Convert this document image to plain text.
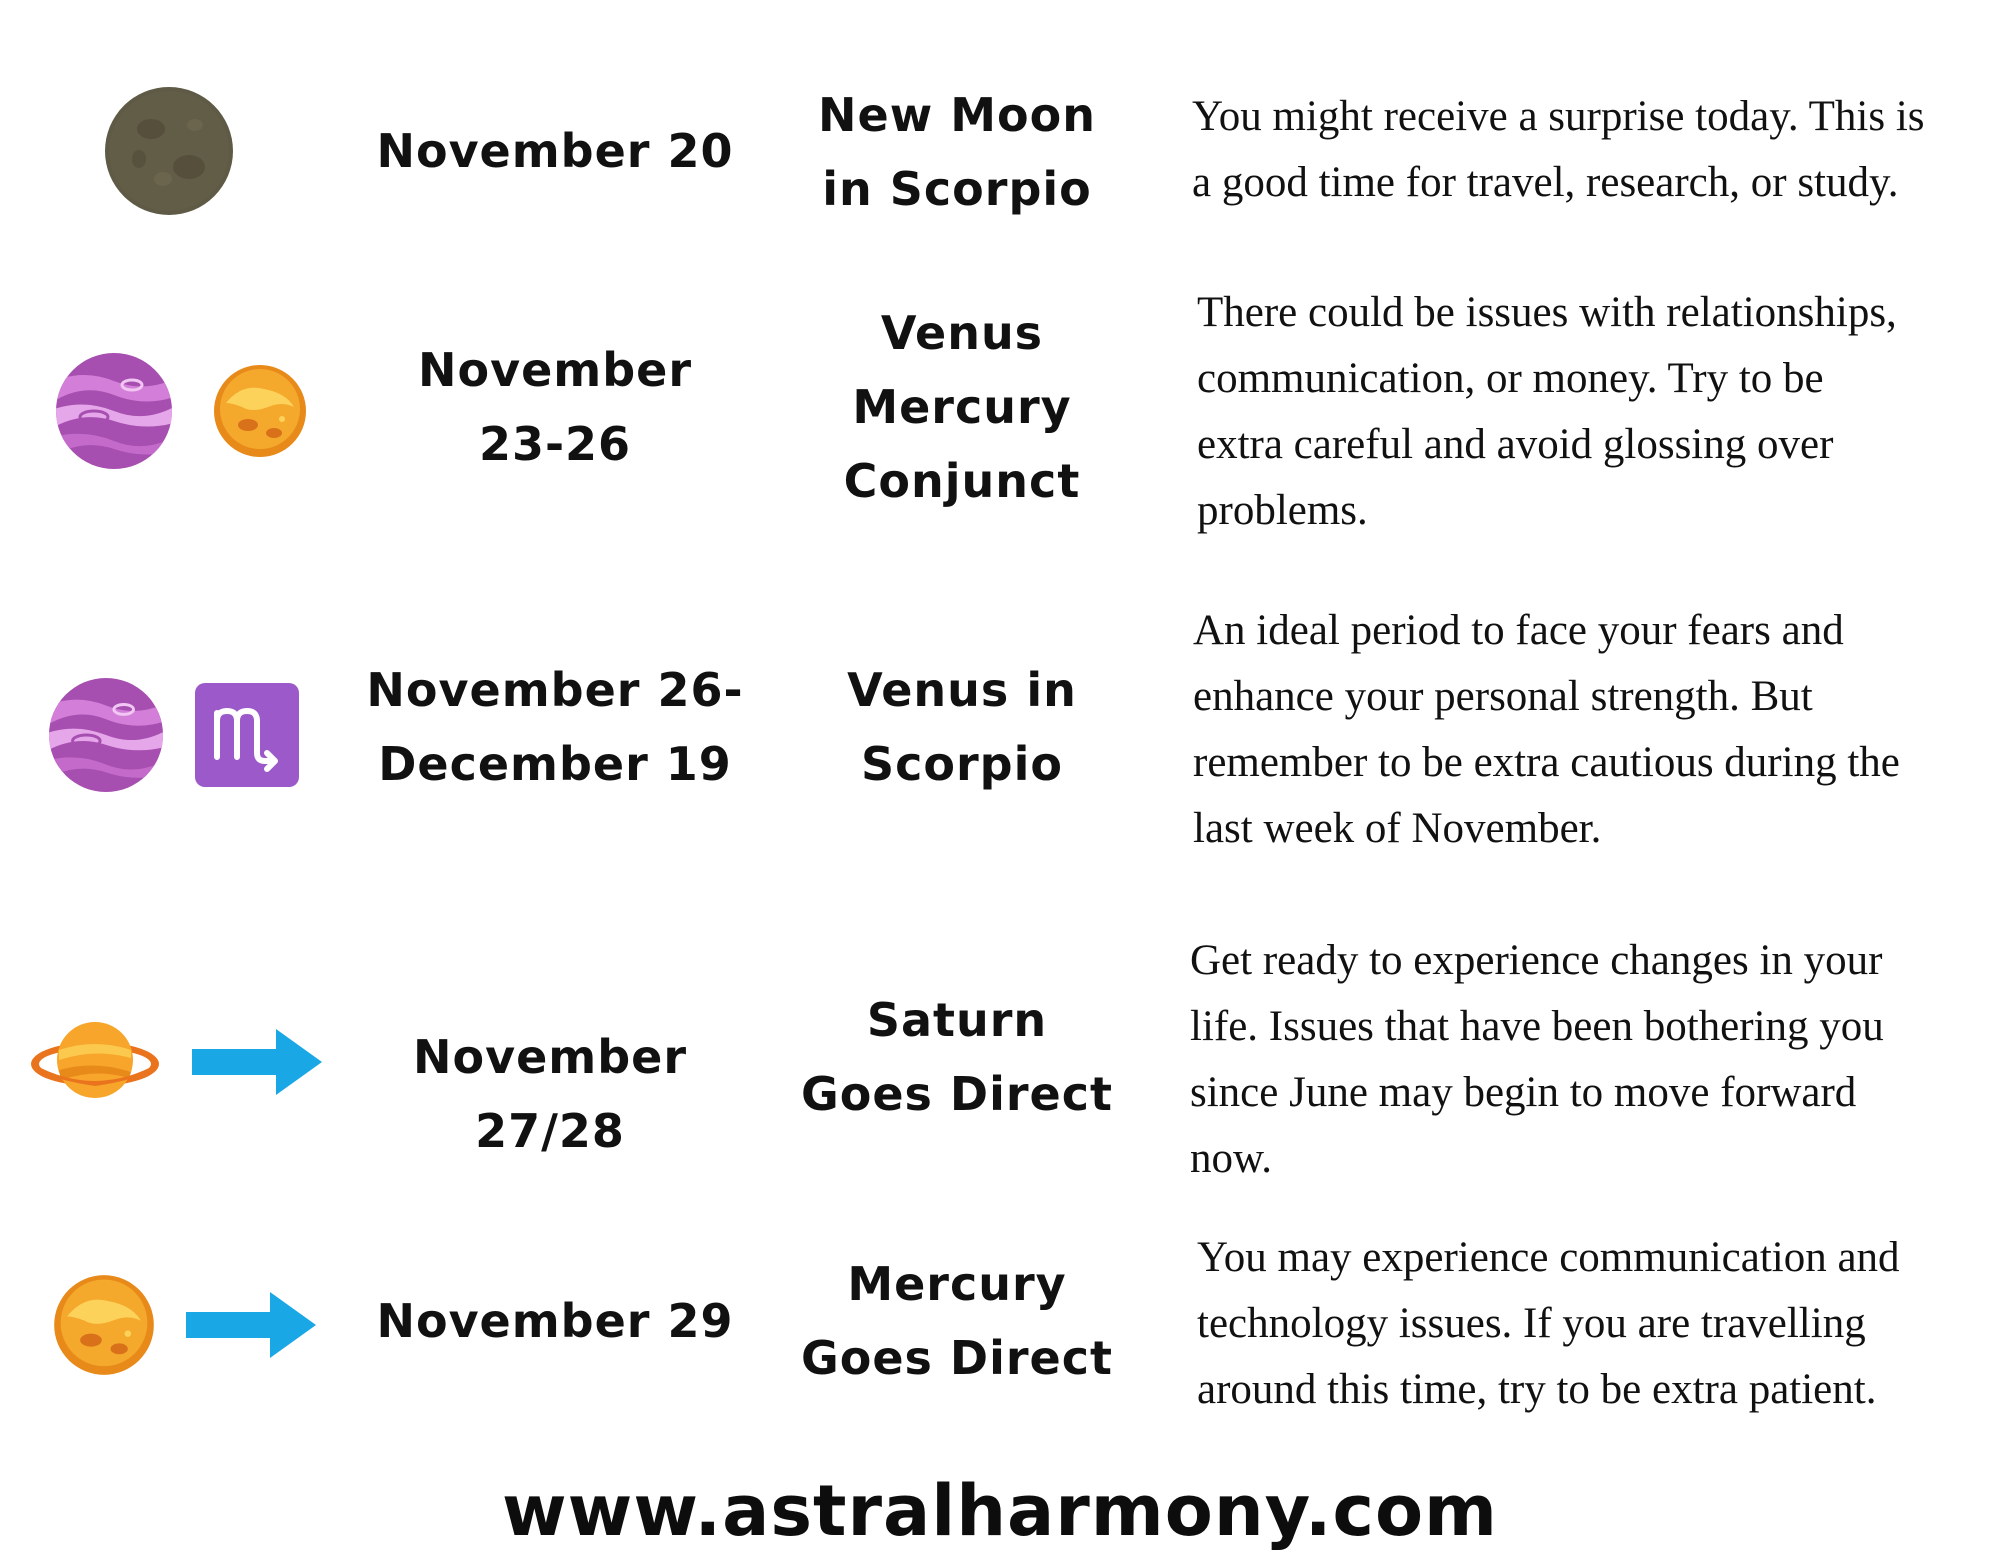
November 20
New Moon
in Scorpio
You might receive a surprise today. This is
a good time for travel, research, or study.
November
23-26
Venus
Mercury
Conjunct
There could be issues with relationships,
communication, or money. Try to be
extra careful and avoid glossing over
problems.
November 26-
December 19
Venus in
Scorpio
An ideal period to face your fears and
enhance your personal strength. But
remember to be extra cautious during the
last week of November.
November 27/28
Saturn
Goes Direct
Get ready to experience changes in your
life. Issues that have been bothering you
since June may begin to move forward
now.
November 29
Mercury
Goes Direct
You may experience communication and
technology issues. If you are travelling
around this time, try to be extra patient.
www.astralharmony.com
